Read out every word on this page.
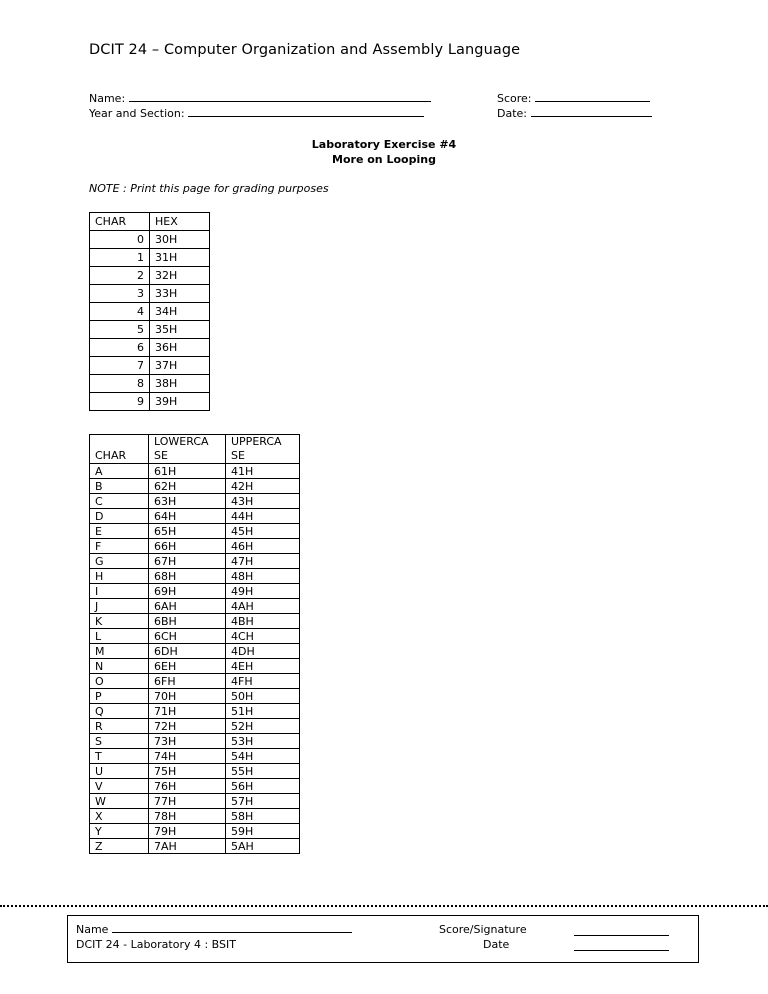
DCIT 24 – Computer Organization and Assembly Language
Name:
Year and Section:
Score:
Date:
Laboratory Exercise #4
More on Looping
NOTE : Print this page for grading purposes
CHAR	HEX
0	30H
1	31H
2	32H
3	33H
4	34H
5	35H
6	36H
7	37H
8	38H
9	39H
CHAR	LOWERCA SE	UPPERCA SE
A	61H	41H
B	62H	42H
C	63H	43H
D	64H	44H
E	65H	45H
F	66H	46H
G	67H	47H
H	68H	48H
I	69H	49H
J	6AH	4AH
K	6BH	4BH
L	6CH	4CH
M	6DH	4DH
N	6EH	4EH
O	6FH	4FH
P	70H	50H
Q	71H	51H
R	72H	52H
S	73H	53H
T	74H	54H
U	75H	55H
V	76H	56H
W	77H	57H
X	78H	58H
Y	79H	59H
Z	7AH	5AH
Name
DCIT 24 - Laboratory 4 : BSIT
Score/Signature
Date
